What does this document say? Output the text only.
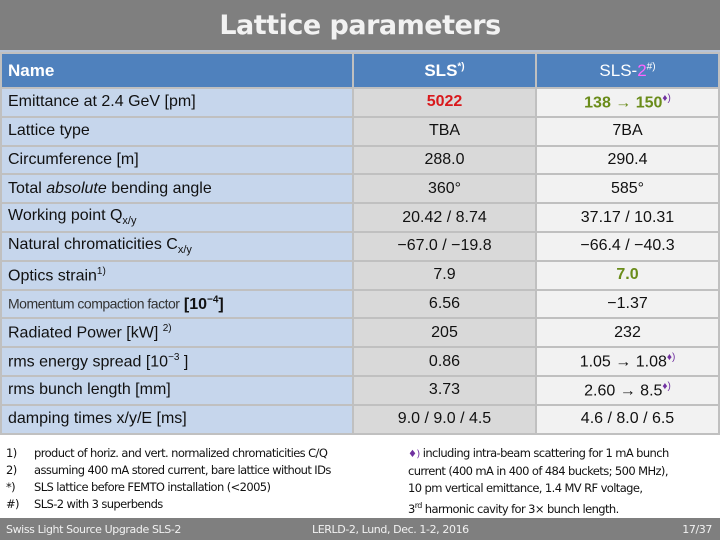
Lattice parameters
Name	SLS*)	SLS-2#)
Emittance at 2.4 GeV [pm]	5022	138 → 150♦)
Lattice type	TBA	7BA
Circumference [m]	288.0	290.4
Total absolute bending angle	360°	585°
Working point $Q_{x/y}$	20.42 / 8.74	37.17 / 10.31
Natural chromaticities $C_{x/y}$	−67.0 / −19.8	−66.4 / −40.3
Optics strain$^{1)}$	7.9	7.0
Momentum compaction factor $[10^{-4}]$	6.56	−1.37
Radiated Power [kW] $^{2)}$	205	232
rms energy spread [$10^{-3}$ ]	0.86	1.05 → 1.08♦)
rms bunch length [mm]	3.73	2.60 → 8.5♦)
damping times x/y/E [ms]	9.0 / 9.0 / 4.5	4.6 / 8.0 / 6.5
1) product of horiz. and vert. normalized chromaticities C/Q
2) assuming 400 mA stored current, bare lattice without IDs
*) SLS lattice before FEMTO installation (<2005)
#) SLS-2 with 3 superbends
♦) including intra-beam scattering for 1 mA bunch
current (400 mA in 400 of 484 buckets; 500 MHz),
10 pm vertical emittance, 1.4 MV RF voltage,
3rd harmonic cavity for 3× bunch length.
Swiss Light Source Upgrade SLS-2	LERLD-2, Lund, Dec. 1-2, 2016	17/37
